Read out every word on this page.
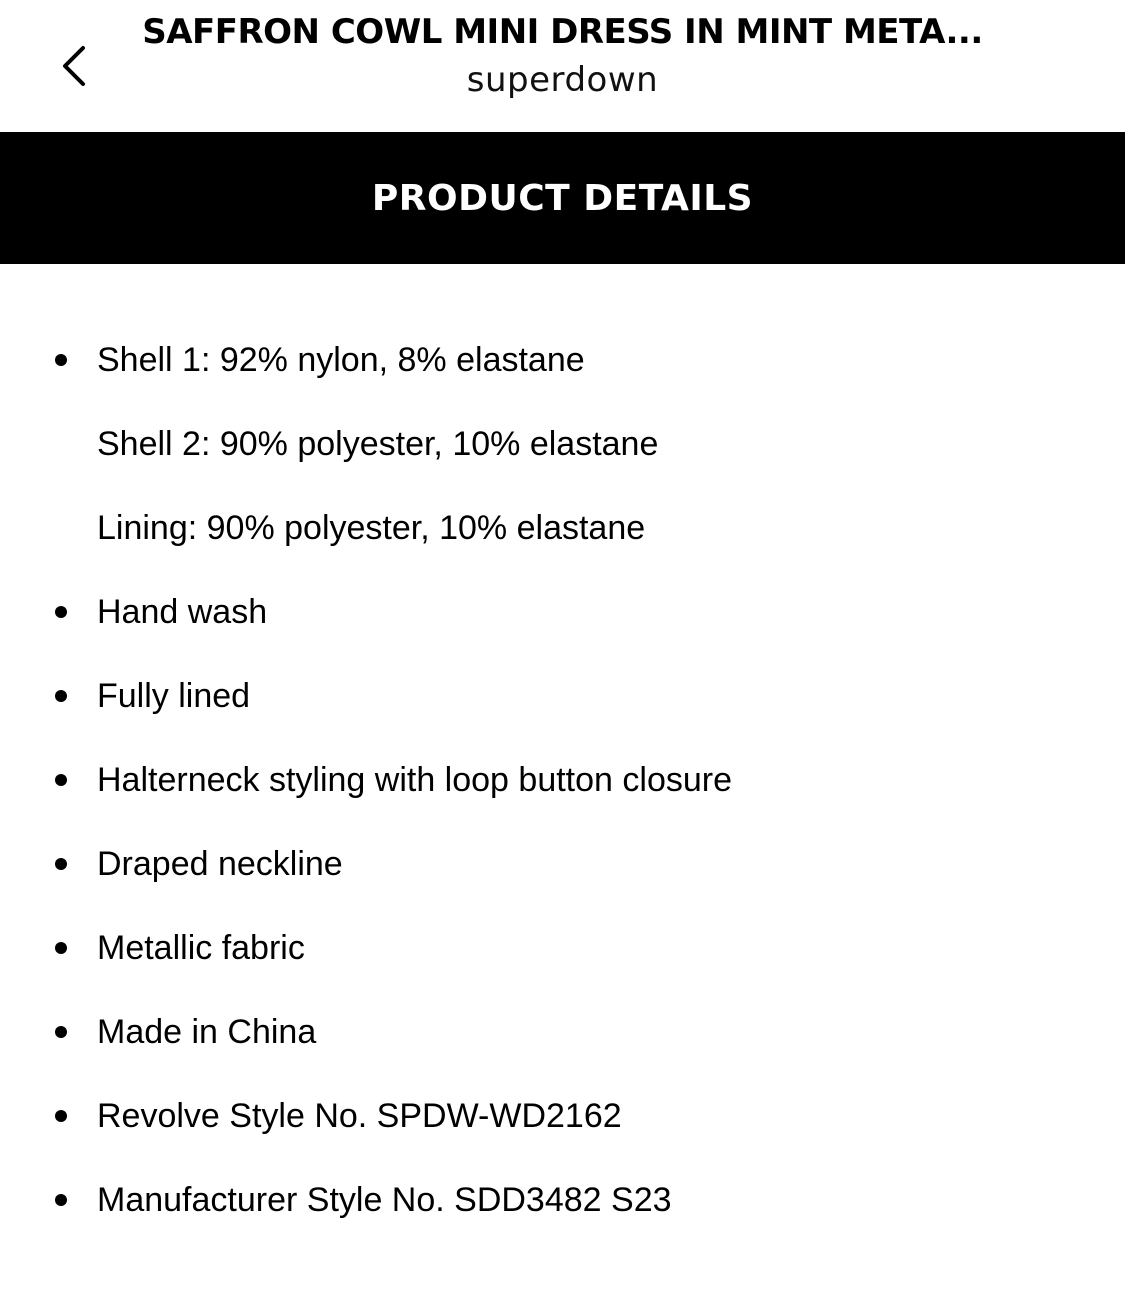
SAFFRON COWL MINI DRESS IN MINT META...
superdown
PRODUCT DETAILS
Shell 1: 92% nylon, 8% elastane
Shell 2: 90% polyester, 10% elastane
Lining: 90% polyester, 10% elastane
Hand wash
Fully lined
Halterneck styling with loop button closure
Draped neckline
Metallic fabric
Made in China
Revolve Style No. SPDW-WD2162
Manufacturer Style No. SDD3482 S23
